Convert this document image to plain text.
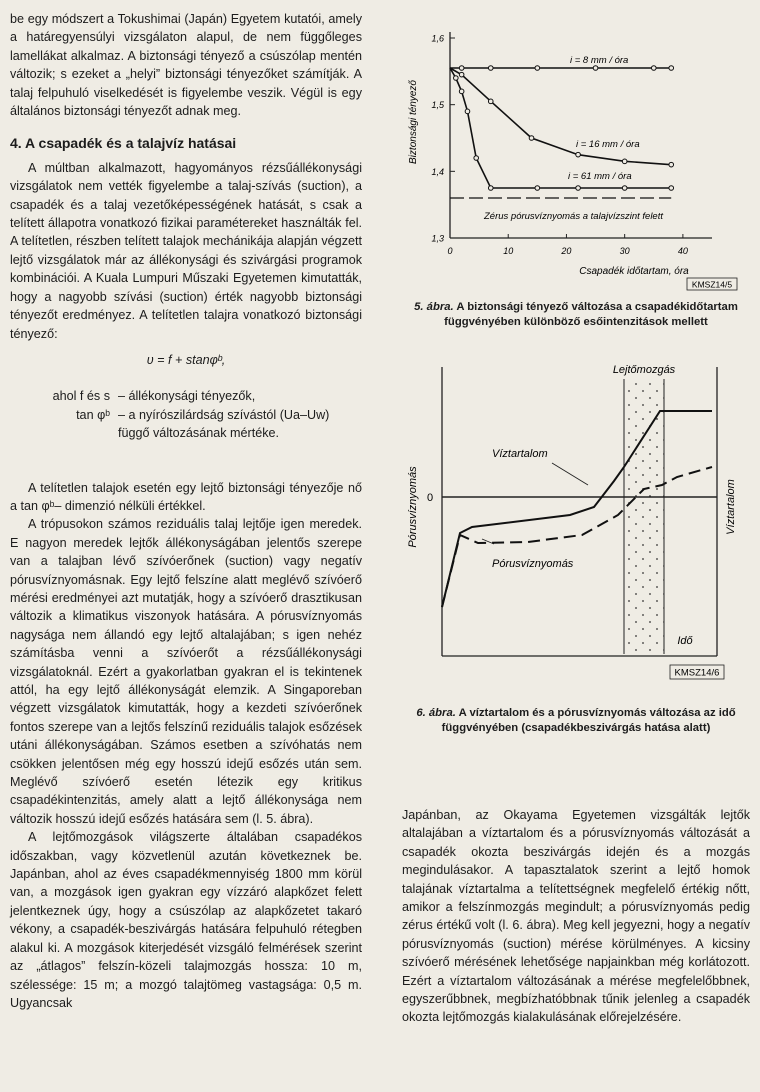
be egy módszert a Tokushimai (Japán) Egyetem kutatói, amely a határegyensúlyi vizsgálaton alapul, de nem függőleges lamellákat alkalmaz. A biztonsági tényező a csúszólap mentén változik; s ezeket a „helyi” biztonsági tényezőket számítják. A talaj felpuhuló viselkedését is figyelembe veszik. Végül is egy általános biztonsági tényezőt adnak meg.

4. A csapadék és a talajvíz hatásai

A múltban alkalmazott, hagyományos rézsűállékonysági vizsgálatok nem vették figyelembe a talaj-szívás (suction), a csapadék és a talaj vezetőképességének hatását, s csak a telített állapotra vonatkozó fizikai paramétereket használták fel. A telítetlen, részben telített talajok mechánikája alapján végzett lejtő vizsgálatok már az állékonysági és szivárgási programok kombinációi. A Kuala Lumpuri Műszaki Egyetemen kimutatták, hogy a nagyobb szívási (suction) érték nagyobb biztonsági tényezőt eredményez. A telítetlen talajra vonatkozó biztonsági tényező:

υ = f + stanφᵇ,
ahol f és s – állékonysági tényezők,
tan φᵇ – a nyírószilárdság szívástól (Ua–Uw) függő változásának mértéke.

A telítetlen talajok esetén egy lejtő biztonsági tényezője nő a tan φᵇ– dimenzió nélküli értékkel.

A trópusokon számos reziduális talaj lejtője igen meredek. E nagyon meredek lejtők állékonyságában jelentős szerepe van a talajban lévő szívóerőnek (suction) vagy negatív pórusvíznyomásnak. Egy lejtő felszíne alatt meglévő szívóerő mérési eredményei azt mutatják, hogy a szívóerő drasztikusan változik a klimatikus viszonyok hatására. A pórusvíznyomás nagysága nem állandó egy lejtő altalajában; s igen nehéz számításba venni a szívóerőt a rézsűállékonysági vizsgálatoknál. Ezért a gyakorlatban gyakran el is tekintenek attól, ha egy lejtő állékonyságát elemzik. A Singaporeban végzett vizsgálatok kimutatták, hogy a kezdeti szívóerőnek fontos szerepe van a lejtős felszínű reziduális talajok esőzések utáni állékonyságában. Számos esetben a szívóhatás nem csökken jelentősen még egy hosszú idejű esőzés után sem. Meglévő szívóerő esetén létezik egy kritikus csapadékintenzitás, amely alatt a lejtő állékonysága nem változik hosszú idejű esőzés hatására sem (l. 5. ábra).

A lejtőmozgások világszerte általában csapadékos időszakban, vagy közvetlenül azután következnek be. Japánban, ahol az éves csapadékmennyiség 1800 mm körül van, a mozgások igen gyakran egy vízzáró alapkőzet felett jelentkeznek úgy, hogy a csúszólap az alapkőzetet takaró vékony, a csapadék-beszivárgás hatására felpuhuló rétegben alakul ki. A mozgások kiterjedését vizsgáló felmérések szerint az „átlagos” felszín-közeli talajmozgás hossza: 10 m, szélessége: 15 m; a mozgó talajtömeg vastagsága: 0,5 m. Ugyancsak

1,3
1,4
1,5
1,6
0	10	20	30	40
Biztonsági tényező
Csapadék időtartam, óra
KMSZ14/5
i = 8 mm / óra
i = 16 mm / óra
i = 61 mm / óra
Zérus pórusvíznyomás a talajvízszint felett
5. ábra. A biztonsági tényező változása a csapadékidőtartam függvényében különböző esőintenzitások mellett
Lejtőmozgás
0
Pórusvíznyomás	Víztartalom
Idő
Víztartalom
Pórusvíznyomás
KMSZ14/6
6. ábra. A víztartalom és a pórusvíznyomás változása az idő függvényében (csapadékbeszivárgás hatása alatt)

Japánban, az Okayama Egyetemen vizsgálták lejtők altalajában a víztartalom és a pórusvíznyomás változását a csapadék okozta beszivárgás idején és a mozgás megindulásakor. A tapasztalatok szerint a lejtő homok talajának víztartalma a telítettségnek megfelelő értékig nőtt, amikor a felszínmozgás megindult; a pórusvíznyomás pedig zérus értékű volt (l. 6. ábra). Meg kell jegyezni, hogy a negatív pórusvíznyomás (suction) mérése körülményes. A kicsiny szívóerő mérésének lehetősége napjainkban még korlátozott. Ezért a víztartalom változásának a mérése megfelelőbbnek, egyszerűbbnek, megbízhatóbbnak tűnik jelenleg a csapadék okozta lejtőmozgás kialakulásának előrejelzésére.
